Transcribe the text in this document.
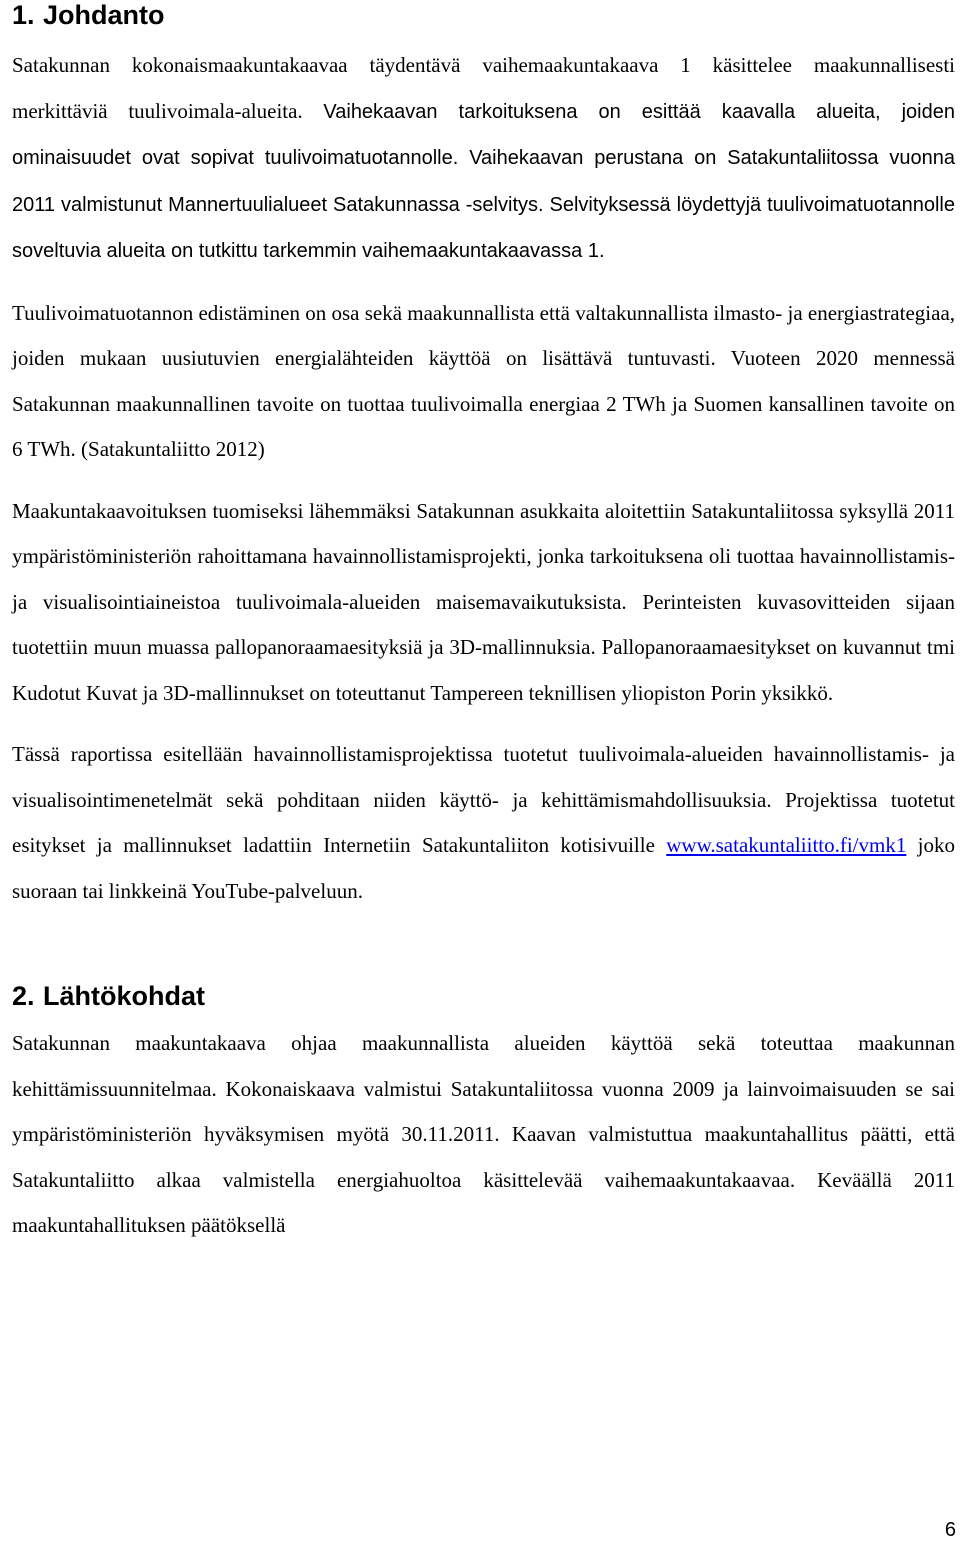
1. Johdanto

Satakunnan kokonaismaakuntakaavaa täydentävä vaihemaakuntakaava 1 käsittelee maakunnallisesti merkittäviä tuulivoimala-alueita. Vaihekaavan tarkoituksena on esittää kaavalla alueita, joiden ominaisuudet ovat sopivat tuulivoimatuotannolle. Vaihekaavan perustana on Satakuntaliitossa vuonna 2011 valmistunut Mannertuulialueet Satakunnassa -selvitys. Selvityksessä löydettyjä tuulivoimatuotannolle soveltuvia alueita on tutkittu tarkemmin vaihemaakuntakaavassa 1.

Tuulivoimatuotannon edistäminen on osa sekä maakunnallista että valtakunnallista ilmasto- ja energiastrategiaa, joiden mukaan uusiutuvien energialähteiden käyttöä on lisättävä tuntuvasti. Vuoteen 2020 mennessä Satakunnan maakunnallinen tavoite on tuottaa tuulivoimalla energiaa 2 TWh ja Suomen kansallinen tavoite on 6 TWh. (Satakuntaliitto 2012)

Maakuntakaavoituksen tuomiseksi lähemmäksi Satakunnan asukkaita aloitettiin Satakuntaliitossa syksyllä 2011 ympäristöministeriön rahoittamana havainnollistamisprojekti, jonka tarkoituksena oli tuottaa havainnollistamis- ja visualisointiaineistoa tuulivoimala-alueiden maisemavaikutuksista. Perinteisten kuvasovitteiden sijaan tuotettiin muun muassa pallopanoraamaesityksiä ja 3D-mallinnuksia. Pallopanoraamaesitykset on kuvannut tmi Kudotut Kuvat ja 3D-mallinnukset on toteuttanut Tampereen teknillisen yliopiston Porin yksikkö.

Tässä raportissa esitellään havainnollistamisprojektissa tuotetut tuulivoimala-alueiden havainnollistamis- ja visualisointimenetelmät sekä pohditaan niiden käyttö- ja kehittämismahdollisuuksia. Projektissa tuotetut esitykset ja mallinnukset ladattiin Internetiin Satakuntaliiton kotisivuille www.satakuntaliitto.fi/vmk1 joko suoraan tai linkkeinä YouTube-palveluun.

2. Lähtökohdat

Satakunnan maakuntakaava ohjaa maakunnallista alueiden käyttöä sekä toteuttaa maakunnan kehittämissuunnitelmaa. Kokonaiskaava valmistui Satakuntaliitossa vuonna 2009 ja lainvoimaisuuden se sai ympäristöministeriön hyväksymisen myötä 30.11.2011. Kaavan valmistuttua maakuntahallitus päätti, että Satakuntaliitto alkaa valmistella energiahuoltoa käsittelevää vaihemaakuntakaavaa. Keväällä 2011 maakuntahallituksen päätöksellä

6
